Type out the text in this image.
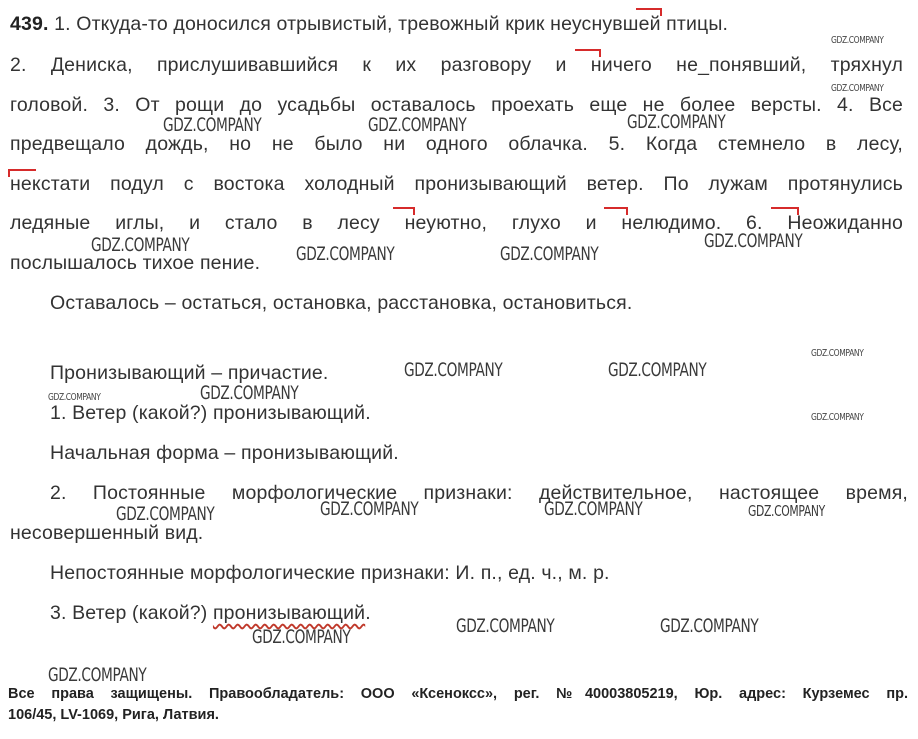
439. 1. Откуда-то доносился отрывистый, тревожный крик неуснувшей птицы.
2. Дениска, прислушивавшийся к их разговору и ничего не_понявший, тряхнул
головой. 3. От рощи до усадьбы оставалось проехать еще не более версты. 4. Все
предвещало дождь, но не было ни одного облачка. 5. Когда стемнело в лесу,
некстати подул с востока холодный пронизывающий ветер. По лужам протянулись
ледяные иглы, и стало в лесу неуютно, глухо и нелюдимо. 6. Неожиданно
послышалось тихое пение.
Оставалось – остаться, остановка, расстановка, остановиться.
Пронизывающий – причастие.
1. Ветер (какой?) пронизывающий.
Начальная форма – пронизывающий.
2. Постоянные морфологические признаки: действительное, настоящее время,
несовершенный вид.
Непостоянные морфологические признаки: И. п., ед. ч., м. р.
3. Ветер (какой?) пронизывающий.
GDZ.COMPANY
GDZ.COMPANY
GDZ.COMPANY	GDZ.COMPANY	GDZ.COMPANY
GDZ.COMPANY	GDZ.COMPANY	GDZ.COMPANY
GDZ.COMPANY
GDZ.COMPANY
GDZ.COMPANY	GDZ.COMPANY
GDZ.COMPANY	GDZ.COMPANY
GDZ.COMPANY
GDZ.COMPANY	GDZ.COMPANY	GDZ.COMPANY	GDZ.COMPANY
GDZ.COMPANY	GDZ.COMPANY	GDZ.COMPANY
GDZ.COMPANY
Все права защищены. Правообладатель: ООО «Ксеноксс», рег. №40003805219, Юр. адрес: Курземес пр.
106/45, LV-1069, Рига, Латвия.
